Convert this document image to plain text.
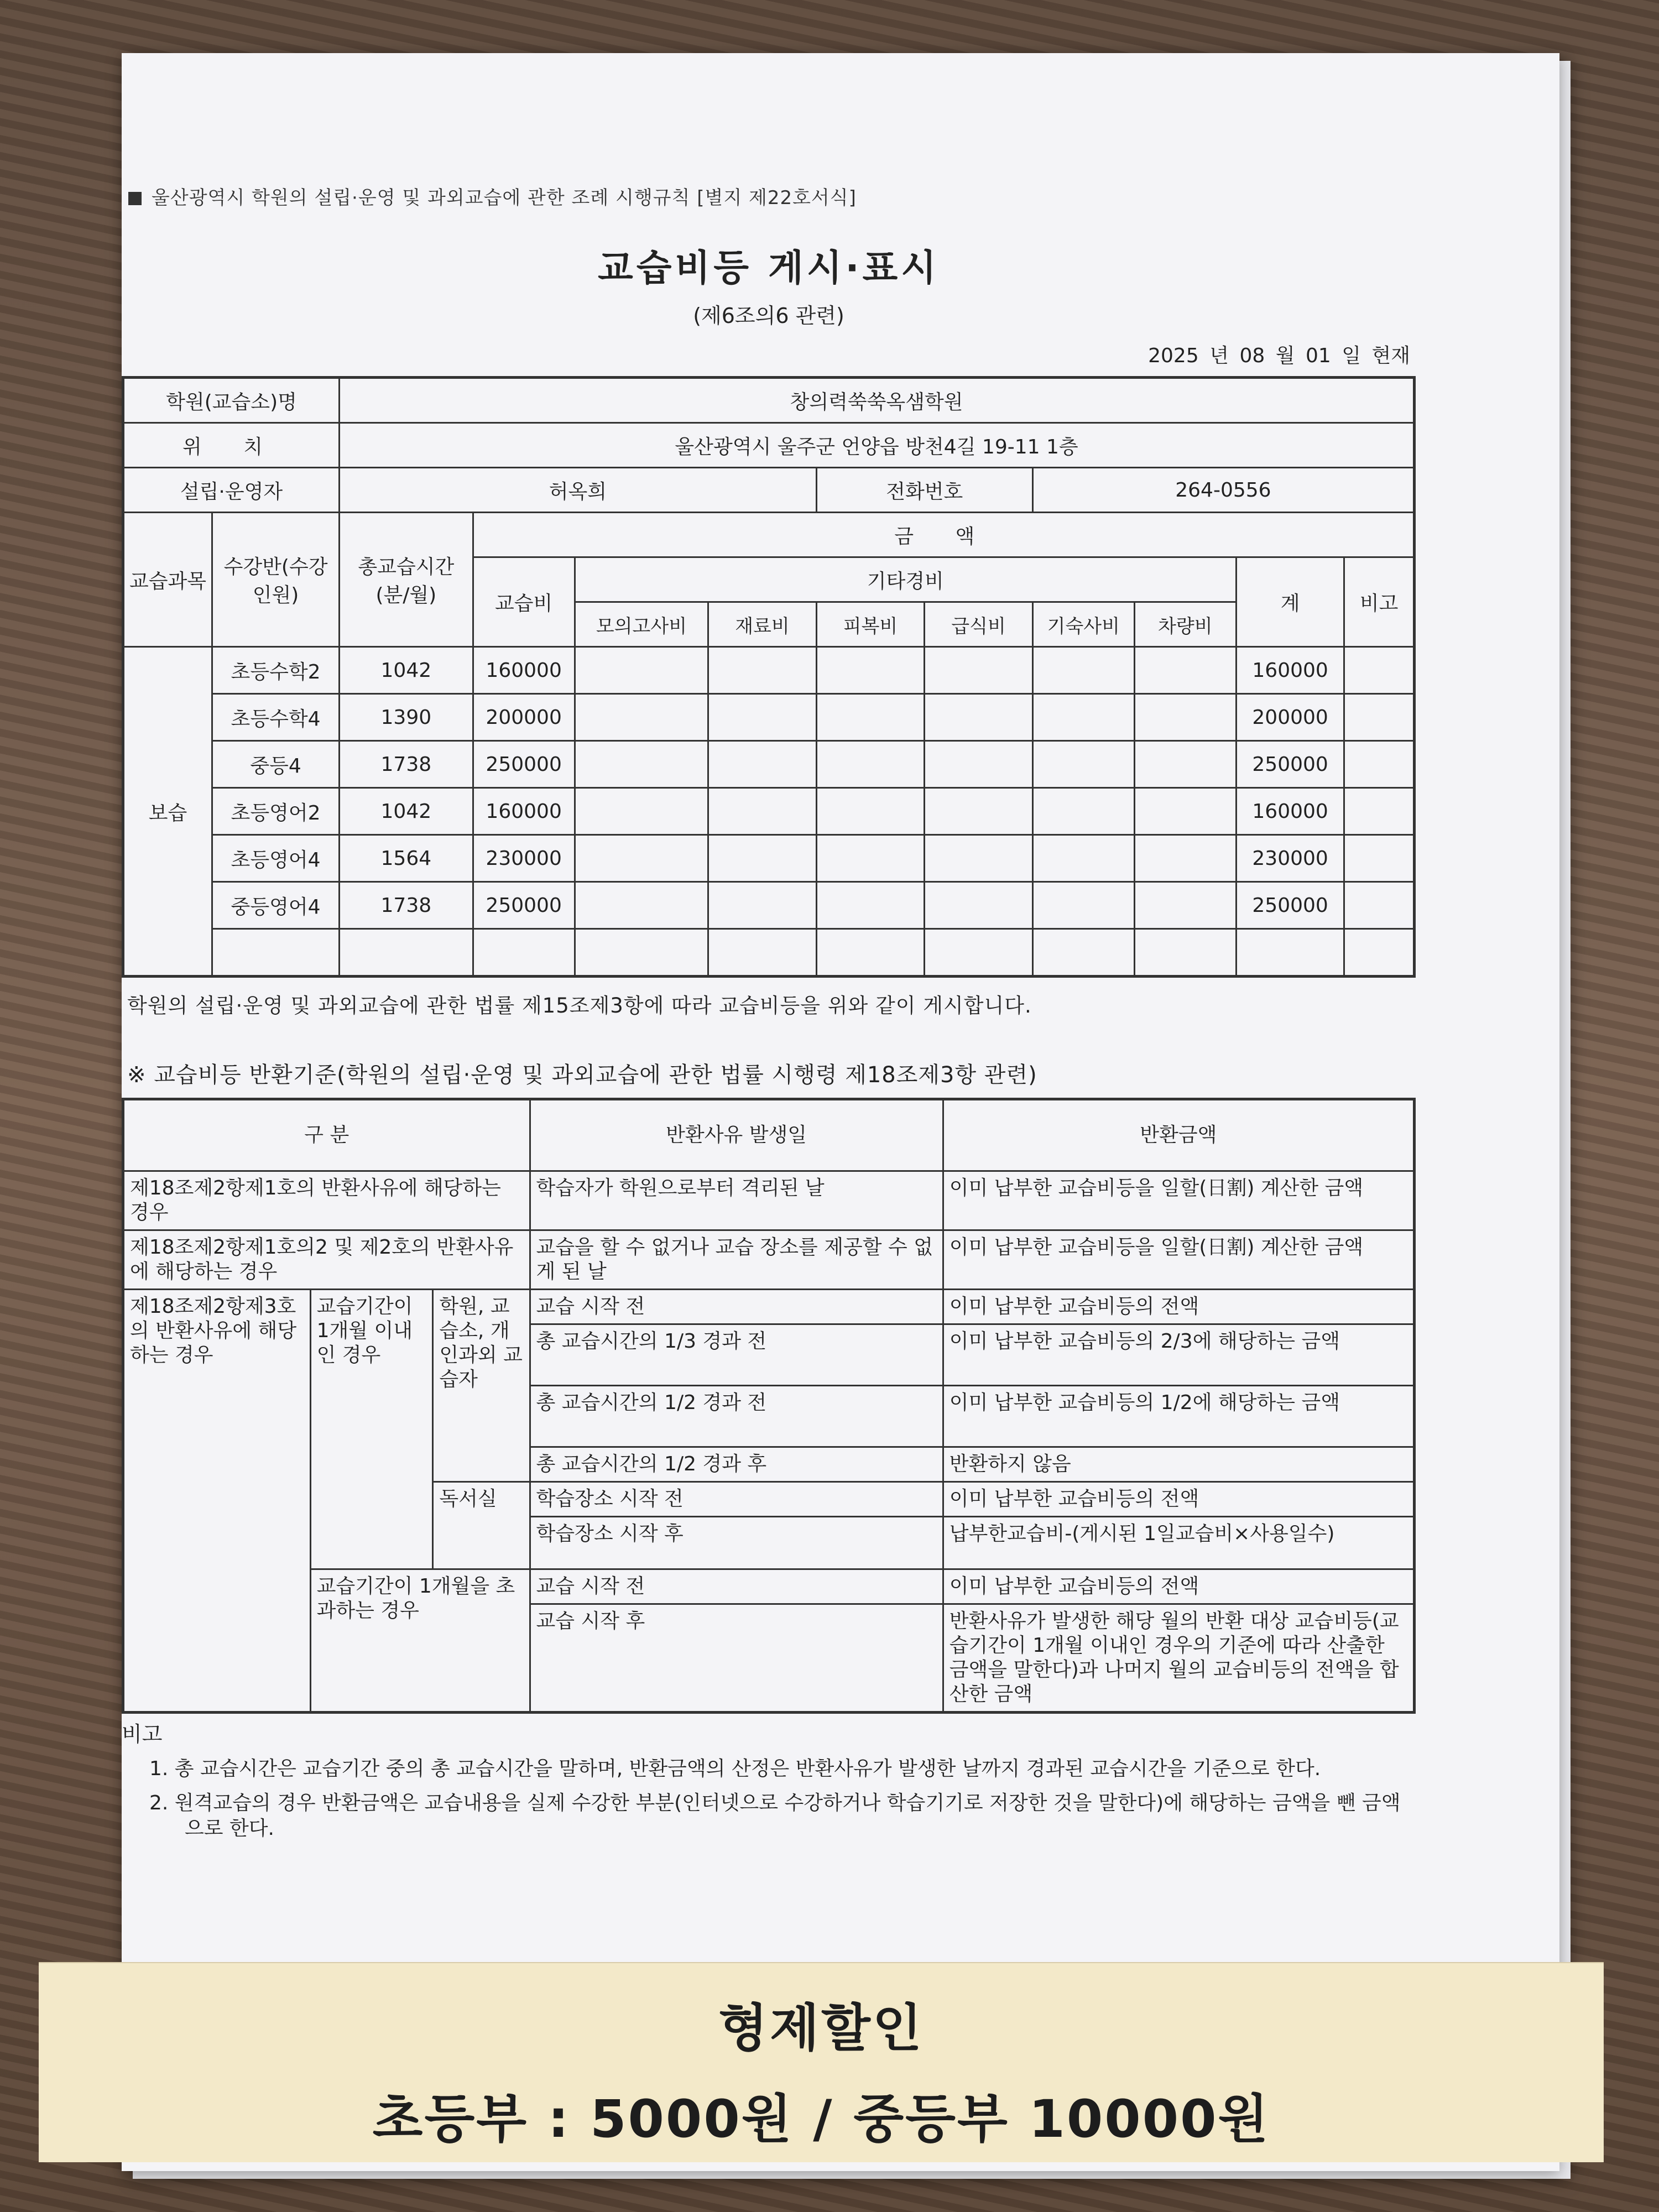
울산광역시 학원의 설립·운영 및 과외교습에 관한 조례 시행규칙 [별지 제22호서식]
교습비등 게시·표시
(제6조의6 관련)
2025 년 08 월 01 일 현재
학원(교습소)명		창의력쑥쑥옥샘학원									
위 치		울산광역시 울주군 언양읍 방천4길 19-11 1층									
설립·운영자		허옥희				전화번호		264-0556			
교습과목	수강반(수강인원)	총교습시간(분/월)	금 액								
			교습비	기타경비						계	비고
				모의고사비	재료비	피복비	급식비	기숙사비	차량비		
보습	초등수학2	1042	160000							160000	
	초등수학4	1390	200000							200000	
	중등4	1738	250000							250000	
	초등영어2	1042	160000							160000	
	초등영어4	1564	230000							230000	
	중등영어4	1738	250000							250000	

학원의 설립·운영 및 과외교습에 관한 법률 제15조제3항에 따라 교습비등을 위와 같이 게시합니다.
※ 교습비등 반환기준(학원의 설립·운영 및 과외교습에 관한 법률 시행령 제18조제3항 관련)
구 분			반환사유 발생일	반환금액
제18조제2항제1호의 반환사유에 해당하는 경우			학습자가 학원으로부터 격리된 날	이미 납부한 교습비등을 일할(日割) 계산한 금액
제18조제2항제1호의2 및 제2호의 반환사유에 해당하는 경우			교습을 할 수 없거나 교습 장소를 제공할 수 없게 된 날	이미 납부한 교습비등을 일할(日割) 계산한 금액
제18조제2항제3호의 반환사유에 해당하는 경우	교습기간이 1개월 이내인 경우	학원, 교습소, 개인과외 교습자	교습 시작 전	이미 납부한 교습비등의 전액
			총 교습시간의 1/3 경과 전	이미 납부한 교습비등의 2/3에 해당하는 금액
			총 교습시간의 1/2 경과 전	이미 납부한 교습비등의 1/2에 해당하는 금액
			총 교습시간의 1/2 경과 후	반환하지 않음
		독서실	학습장소 시작 전	이미 납부한 교습비등의 전액
			학습장소 시작 후	납부한교습비-(게시된 1일교습비×사용일수)
	교습기간이 1개월을 초과하는 경우		교습 시작 전	이미 납부한 교습비등의 전액
			교습 시작 후	반환사유가 발생한 해당 월의 반환 대상 교습비등(교습기간이 1개월 이내인 경우의 기준에 따라 산출한 금액을 말한다)과 나머지 월의 교습비등의 전액을 합산한 금액
비고
1. 총 교습시간은 교습기간 중의 총 교습시간을 말하며, 반환금액의 산정은 반환사유가 발생한 날까지 경과된 교습시간을 기준으로 한다.
2. 원격교습의 경우 반환금액은 교습내용을 실제 수강한 부분(인터넷으로 수강하거나 학습기기로 저장한 것을 말한다)에 해당하는 금액을 뺀 금액으로 한다.
형제할인
초등부 : 5000원 / 중등부 10000원
